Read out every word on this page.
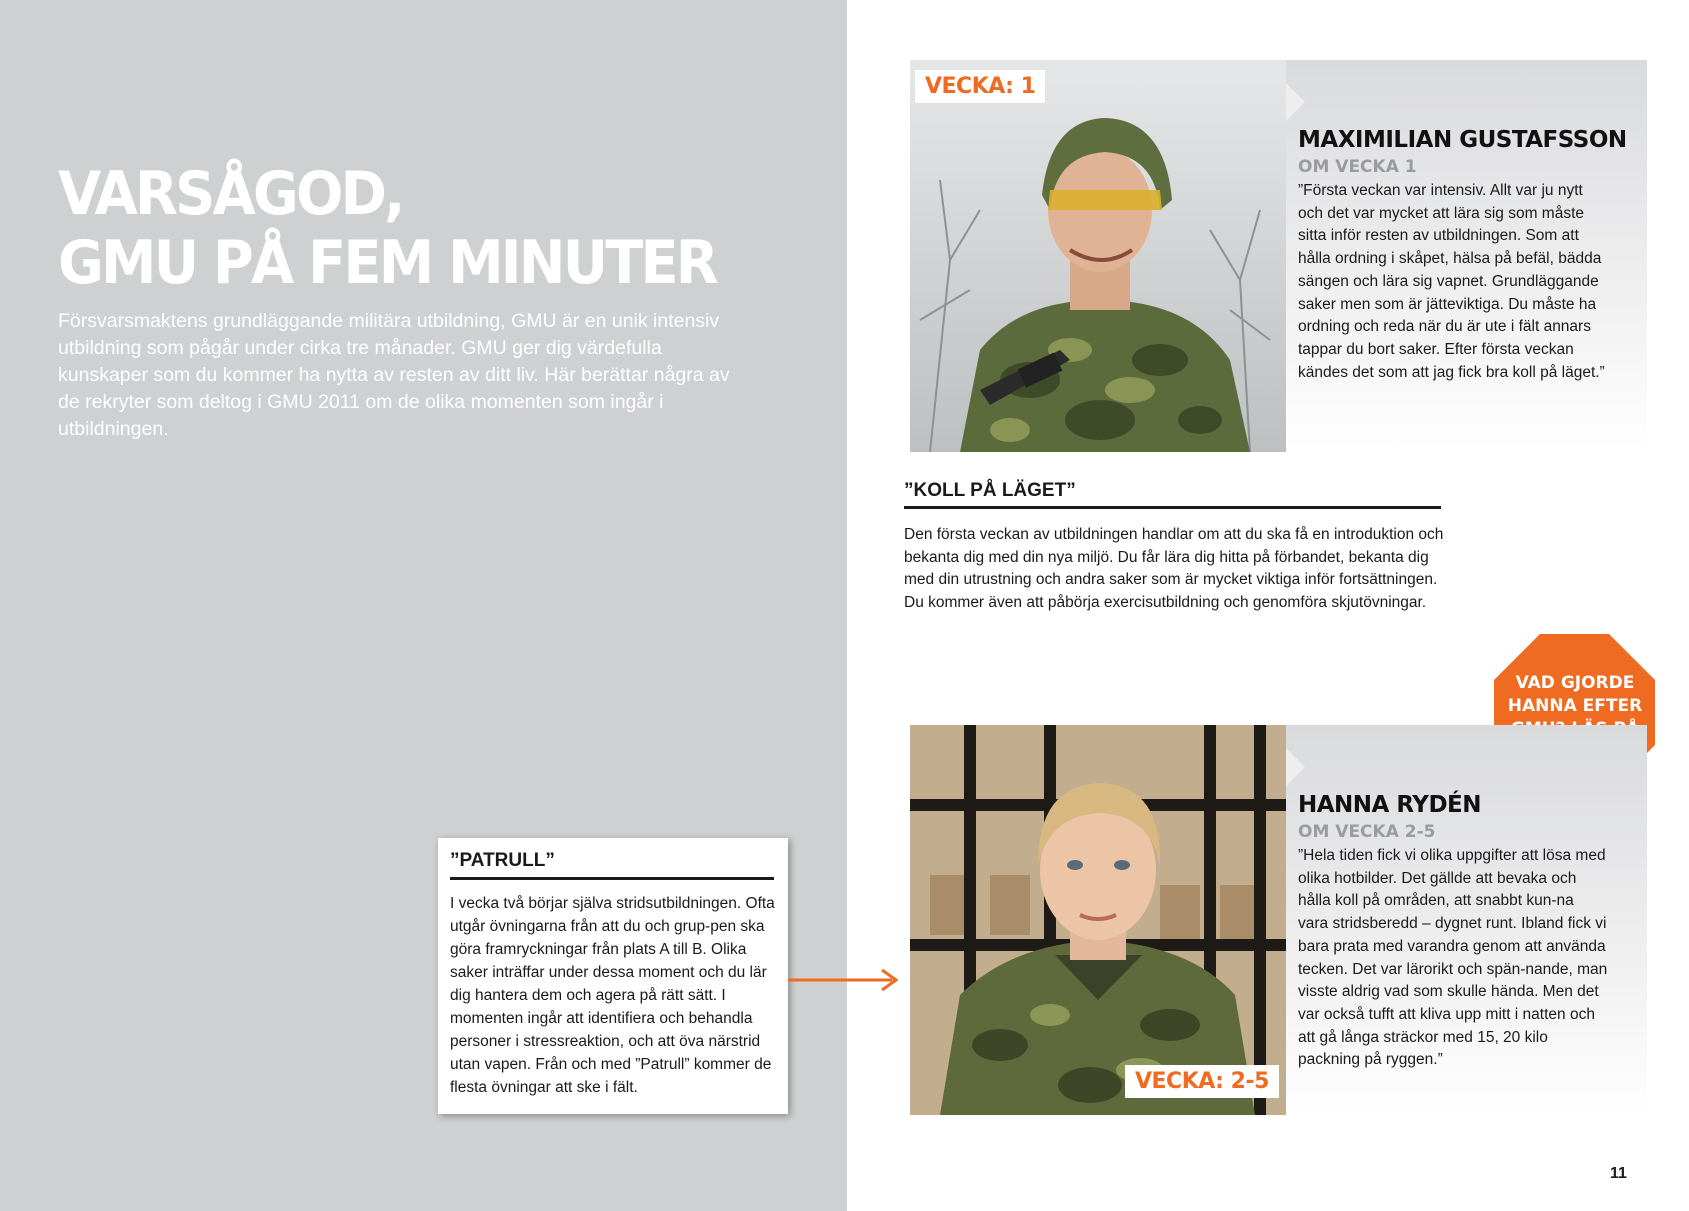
VARSÅGOD,
GMU PÅ FEM MINUTER

Försvarsmaktens grundläggande militära utbildning, GMU är en unik intensiv utbildning som pågår under cirka tre månader. GMU ger dig värdefulla kunskaper som du kommer ha nytta av resten av ditt liv. Här berättar några av de rekryter som deltog i GMU 2011 om de olika momenten som ingår i utbildningen.

”PATRULL”

I vecka två börjar själva stridsutbildningen. Ofta utgår övningarna från att du och grup-pen ska göra framryckningar från plats A till B. Olika saker inträffar under dessa moment och du lär dig hantera dem och agera på rätt sätt. I momenten ingår att identifiera och behandla personer i stressreaktion, och att öva närstrid utan vapen. Från och med ”Patrull” kommer de flesta övningar att ske i fält.

VECKA: 1
MAXIMILIAN GUSTAFSSON

OM VECKA 1

”Första veckan var intensiv. Allt var ju nytt och det var mycket att lära sig som måste sitta inför resten av utbildningen. Som att hålla ordning i skåpet, hälsa på befäl, bädda sängen och lära sig vapnet. Grundläggande saker men som är jätteviktiga. Du måste ha ordning och reda när du är ute i fält annars tappar du bort saker. Efter första veckan kändes det som att jag fick bra koll på läget.”

”KOLL PÅ LÄGET”

Den första veckan av utbildningen handlar om att du ska få en introduktion och bekanta dig med din nya miljö. Du får lära dig hitta på förbandet, bekanta dig med din utrustning och andra saker som är mycket viktiga inför fortsättningen. Du kommer även att påbörja exercisutbildning och genomföra skjutövningar.

VAD GJORDE HANNA EFTER

VECKA: 2-5
HANNA RYDÉN

OM VECKA 2-5

”Hela tiden fick vi olika uppgifter att lösa med olika hotbilder. Det gällde att bevaka och hålla koll på områden, att snabbt kun-na vara stridsberedd – dygnet runt. Ibland fick vi bara prata med varandra genom att använda tecken. Det var lärorikt och spän-nande, man visste aldrig vad som skulle hända. Men det var också tufft att kliva upp mitt i natten och att gå långa sträckor med 15, 20 kilo packning på ryggen.”

11
